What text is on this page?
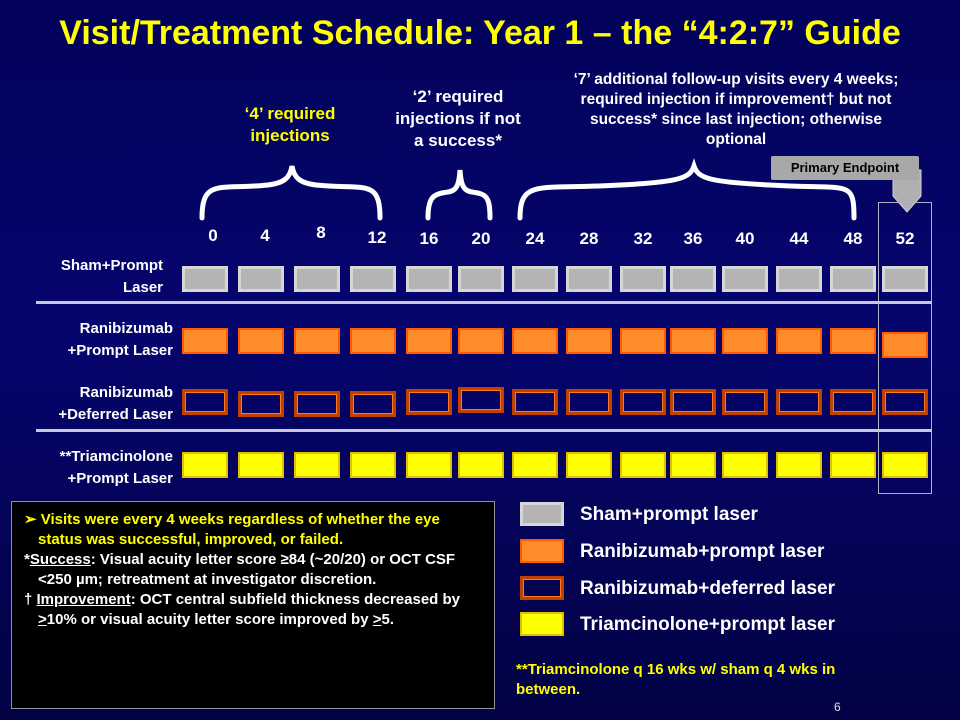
Visit/Treatment Schedule: Year 1 – the “4:2:7” Guide
‘4’ required
injections
‘2’ required
injections if not
a success*
‘7’ additional follow-up visits every 4 weeks;
required injection if improvement† but not
success* since last injection; otherwise
optional
Primary Endpoint
0	4	8	12	16	20	24	28	32	36	40	44	48	52
Sham+Prompt
Laser
Ranibizumab
+Prompt Laser
Ranibizumab
+Deferred Laser
**Triamcinolone
+Prompt Laser

➢ Visits were every 4 weeks regardless of whether the eye status was successful, improved, or failed.

*Success: Visual acuity letter score ≥84 (~20/20) or OCT CSF <250 µm; retreatment at investigator discretion.

† Improvement: OCT central subfield thickness decreased by >10% or visual acuity letter score improved by >5.

Sham+prompt laser
Ranibizumab+prompt laser
Ranibizumab+deferred laser
Triamcinolone+prompt laser
**Triamcinolone q 16 wks w/ sham q 4 wks in between.
6
